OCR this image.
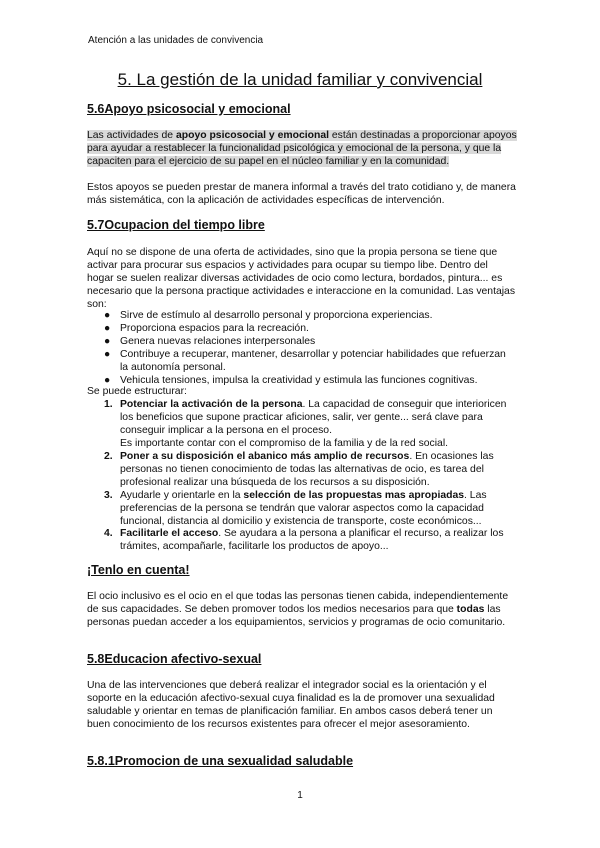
Atención a las unidades de convivencia
5. La gestión de la unidad familiar y convivencial
5.6Apoyo psicosocial y emocional
Las actividades de apoyo psicosocial y emocional están destinadas a proporcionar apoyos para ayudar a restablecer la funcionalidad psicológica y emocional de la persona, y que la capaciten para el ejercicio de su papel en el núcleo familiar y en la comunidad.
Estos apoyos se pueden prestar de manera informal a través del trato cotidiano y, de manera más sistemática, con la aplicación de actividades específicas de intervención.
5.7Ocupacion del tiempo libre
Aquí no se dispone de una oferta de actividades, sino que la propia persona se tiene que activar para procurar sus espacios y actividades para ocupar su tiempo libe. Dentro del hogar se suelen realizar diversas actividades de ocio como lectura, bordados, pintura... es necesario que la persona practique actividades e interaccione en la comunidad. Las ventajas son:
● Sirve de estímulo al desarrollo personal y proporciona experiencias.
● Proporciona espacios para la recreación.
● Genera nuevas relaciones interpersonales
● Contribuye a recuperar, mantener, desarrollar y potenciar habilidades que refuerzan la autonomía personal.
● Vehicula tensiones, impulsa la creatividad y estimula las funciones cognitivas.
Se puede estructurar:
1. Potenciar la activación de la persona. La capacidad de conseguir que interioricen los beneficios que supone practicar aficiones, salir, ver gente... será clave para conseguir implicar a la persona en el proceso.
Es importante contar con el compromiso de la familia y de la red social.
2. Poner a su disposición el abanico más amplio de recursos. En ocasiones las personas no tienen conocimiento de todas las alternativas de ocio, es tarea del profesional realizar una búsqueda de los recursos a su disposición.
3. Ayudarle y orientarle en la selección de las propuestas mas apropiadas. Las preferencias de la persona se tendrán que valorar aspectos como la capacidad funcional, distancia al domicilio y existencia de transporte, coste económicos...
4. Facilitarle el acceso. Se ayudara a la persona a planificar el recurso, a realizar los trámites, acompañarle, facilitarle los productos de apoyo...
¡Tenlo en cuenta!
El ocio inclusivo es el ocio en el que todas las personas tienen cabida, independientemente de sus capacidades. Se deben promover todos los medios necesarios para que todas las personas puedan acceder a los equipamientos, servicios y programas de ocio comunitario.
5.8Educacion afectivo-sexual
Una de las intervenciones que deberá realizar el integrador social es la orientación y el soporte en la educación afectivo-sexual cuya finalidad es la de promover una sexualidad saludable y orientar en temas de planificación familiar. En ambos casos deberá tener un buen conocimiento de los recursos existentes para ofrecer el mejor asesoramiento.
5.8.1Promocion de una sexualidad saludable
1
